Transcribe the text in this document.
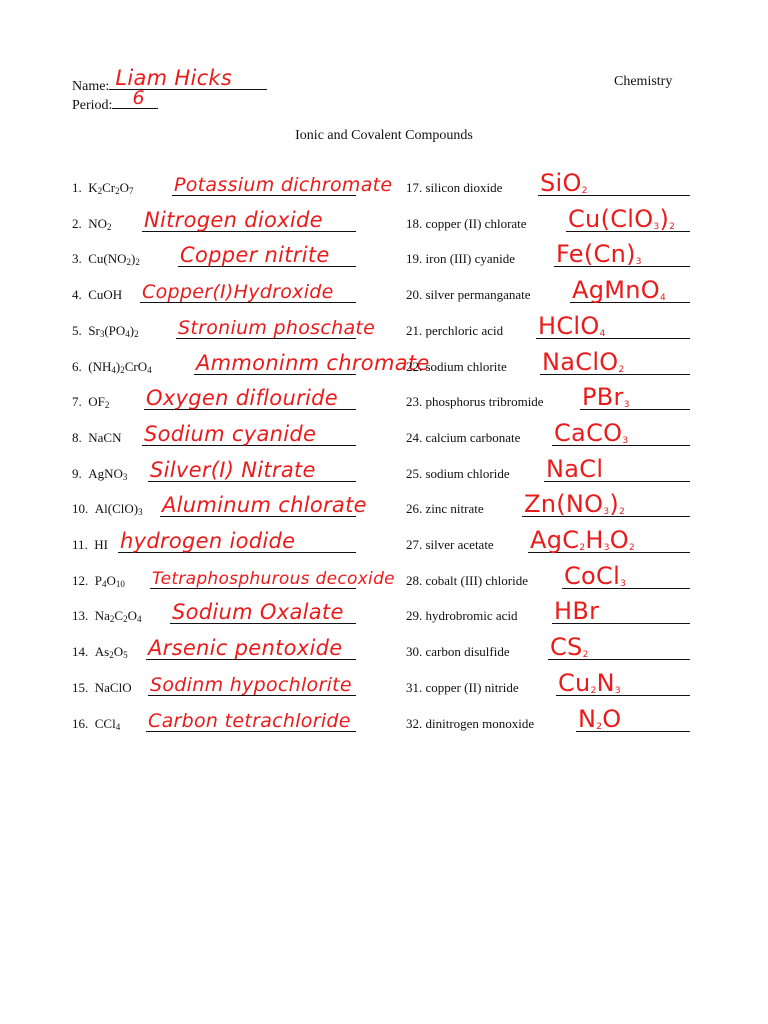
Name: Liam Hicks
Period: 6
Chemistry
Ionic and Covalent Compounds
1.  $K_2Cr_2O_7$ Potassium dichromate
2.  $NO_2$ Nitrogen dioxide
3.  $Cu(NO_2)_2$ Copper nitrite
4.  CuOH Copper(I)Hydroxide
5.  $Sr_3(PO_4)_2$ Stronium phoschate
6.  $(NH_4)_2CrO_4$ Ammoninm chromate
7.  $OF_2$ Oxygen diflouride
8.  NaCN Sodium cyanide
9.  AgNO$_3$ Silver(I) Nitrate
10.  $Al(ClO)_3$ Aluminum chlorate
11.  HI hydrogen iodide
12.  $P_4O_{10}$ Tetraphosphurous decoxide
13.  $Na_2C_2O_4$ Sodium Oxalate
14.  $As_2O_5$ Arsenic pentoxide
15.  NaClO Sodinm hypochlorite
16.  CCl$_4$ Carbon tetrachloride
17. silicon dioxide SiO$_2$
18. copper (II) chlorate $Cu(ClO_3)_2$
19. iron (III) cyanide $Fe(Cn)_3$
20. silver permanganate AgMnO$_4$
21. perchloric acid HClO$_4$
22. sodium chlorite NaClO$_2$
23. phosphorus tribromide PBr$_3$
24. calcium carbonate CaCO$_3$
25. sodium chloride NaCl
26. zinc nitrate $Zn(NO_3)_2$
27. silver acetate $AgC_2H_3O_2$
28. cobalt (III) chloride CoCl$_3$
29. hydrobromic acid HBr
30. carbon disulfide $CS_2$
31. copper (II) nitride $Cu_2N_3$
32. dinitrogen monoxide $N_2O$
